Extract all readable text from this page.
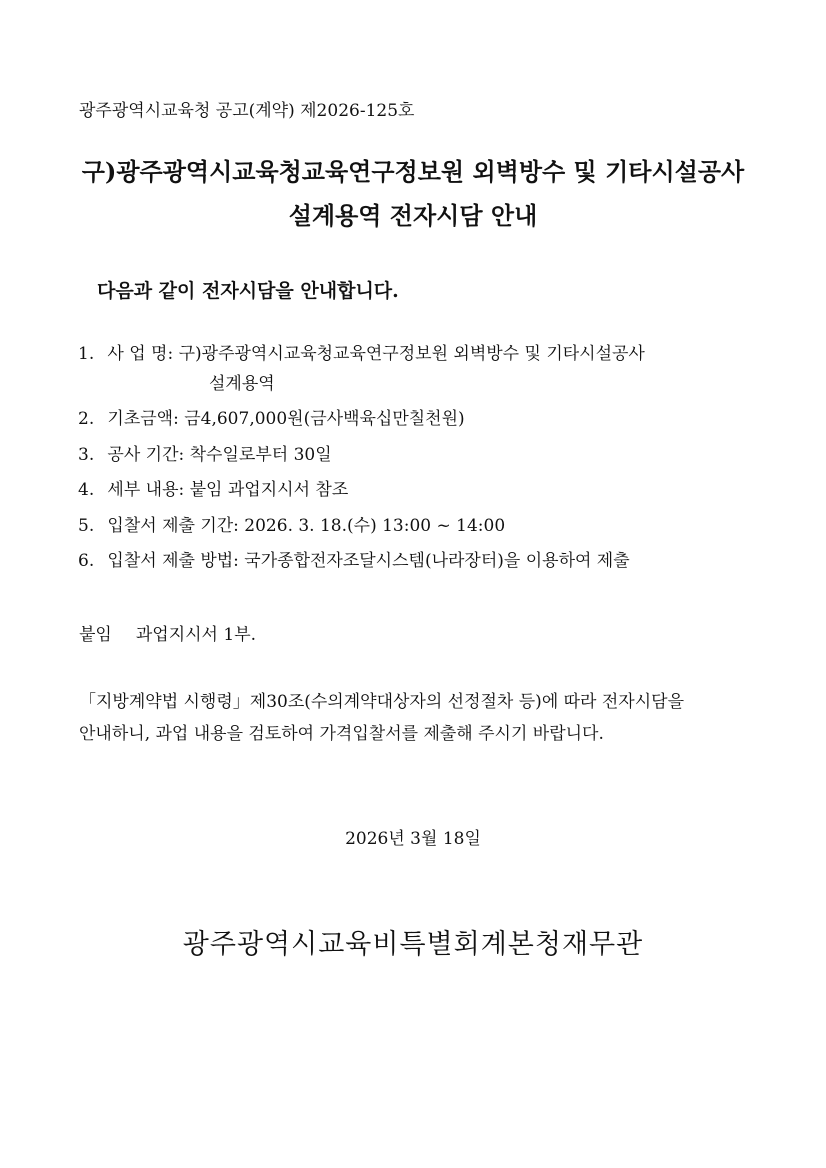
광주광역시교육청 공고(계약) 제2026-125호
구)광주광역시교육청교육연구정보원 외벽방수 및 기타시설공사
설계용역 전자시담 안내
다음과 같이 전자시담을 안내합니다.
1. 사 업 명: 구)광주광역시교육청교육연구정보원 외벽방수 및 기타시설공사
설계용역
2. 기초금액: 금4,607,000원(금사백육십만칠천원)
3. 공사 기간: 착수일로부터 30일
4. 세부 내용: 붙임 과업지시서 참조
5. 입찰서 제출 기간: 2026. 3. 18.(수) 13:00 ~ 14:00
6. 입찰서 제출 방법: 국가종합전자조달시스템(나라장터)을 이용하여 제출
붙임 과업지시서 1부.
「지방계약법 시행령」제30조(수의계약대상자의 선정절차 등)에 따라 전자시담을
안내하니, 과업 내용을 검토하여 가격입찰서를 제출해 주시기 바랍니다.
2026년 3월 18일
광주광역시교육비특별회계본청재무관
